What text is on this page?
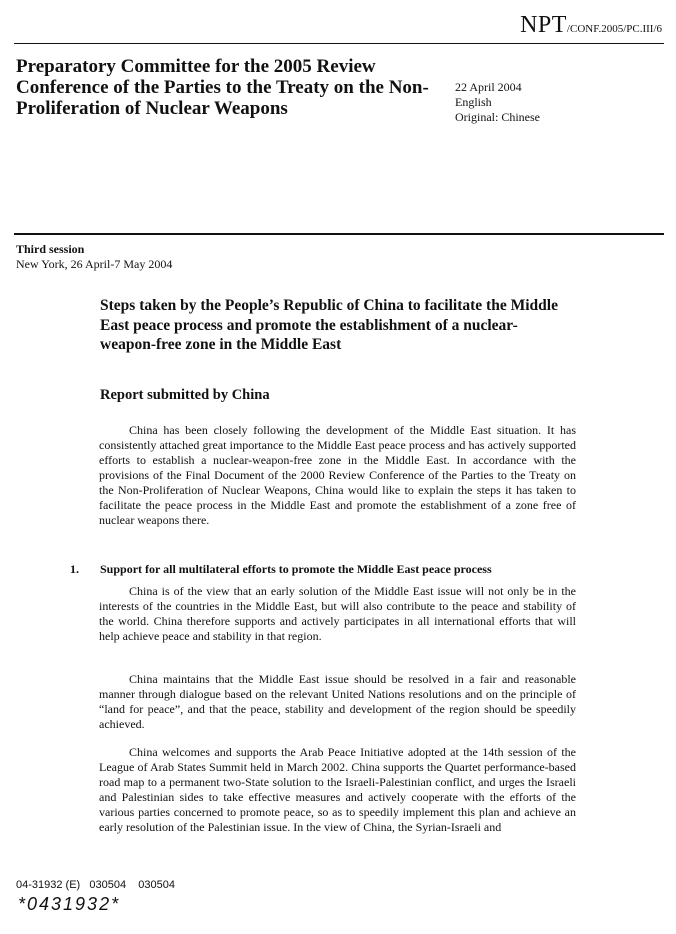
NPT/CONF.2005/PC.III/6
Preparatory Committee for the 2005 Review Conference of the Parties to the Treaty on the Non-Proliferation of Nuclear Weapons
22 April 2004
English
Original: Chinese
Third session
New York, 26 April-7 May 2004
Steps taken by the People’s Republic of China to facilitate the Middle East peace process and promote the establishment of a nuclear-weapon-free zone in the Middle East
Report submitted by China

China has been closely following the development of the Middle East situation. It has consistently attached great importance to the Middle East peace process and has actively supported efforts to establish a nuclear-weapon-free zone in the Middle East. In accordance with the provisions of the Final Document of the 2000 Review Conference of the Parties to the Treaty on the Non-Proliferation of Nuclear Weapons, China would like to explain the steps it has taken to facilitate the peace process in the Middle East and promote the establishment of a zone free of nuclear weapons there.

1. Support for all multilateral efforts to promote the Middle East peace process

China is of the view that an early solution of the Middle East issue will not only be in the interests of the countries in the Middle East, but will also contribute to the peace and stability of the world. China therefore supports and actively participates in all international efforts that will help achieve peace and stability in that region.

China maintains that the Middle East issue should be resolved in a fair and reasonable manner through dialogue based on the relevant United Nations resolutions and on the principle of “land for peace”, and that the peace, stability and development of the region should be speedily achieved.

China welcomes and supports the Arab Peace Initiative adopted at the 14th session of the League of Arab States Summit held in March 2002. China supports the Quartet performance-based road map to a permanent two-State solution to the Israeli-Palestinian conflict, and urges the Israeli and Palestinian sides to take effective measures and actively cooperate with the efforts of the various parties concerned to promote peace, so as to speedily implement this plan and achieve an early resolution of the Palestinian issue. In the view of China, the Syrian-Israeli and

04-31932 (E)   030504    030504
*0431932*
